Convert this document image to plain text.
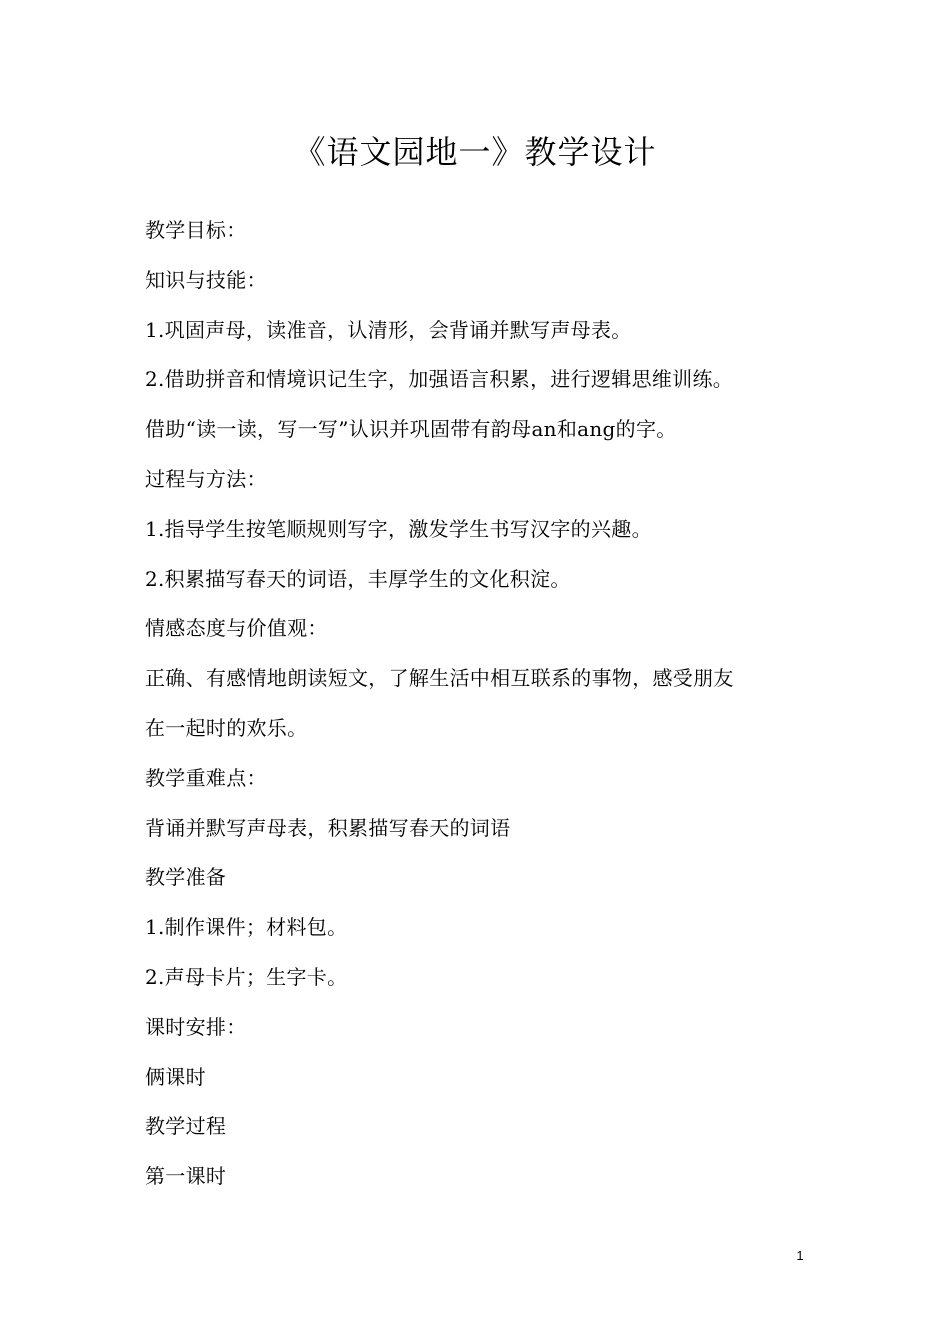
《语文园地一》教学设计
教学目标：
知识与技能：
1.巩固声母，读准音，认清形，会背诵并默写声母表。
2.借助拼音和情境识记生字，加强语言积累，进行逻辑思维训练。
借助“读一读，写一写”认识并巩固带有韵母an和ang的字。
过程与方法：
1.指导学生按笔顺规则写字，激发学生书写汉字的兴趣。
2.积累描写春天的词语，丰厚学生的文化积淀。
情感态度与价值观：
正确、有感情地朗读短文，了解生活中相互联系的事物，感受朋友
在一起时的欢乐。
教学重难点：
背诵并默写声母表，积累描写春天的词语
教学准备
1.制作课件；材料包。
2.声母卡片；生字卡。
课时安排：
俩课时
教学过程
第一课时
1
